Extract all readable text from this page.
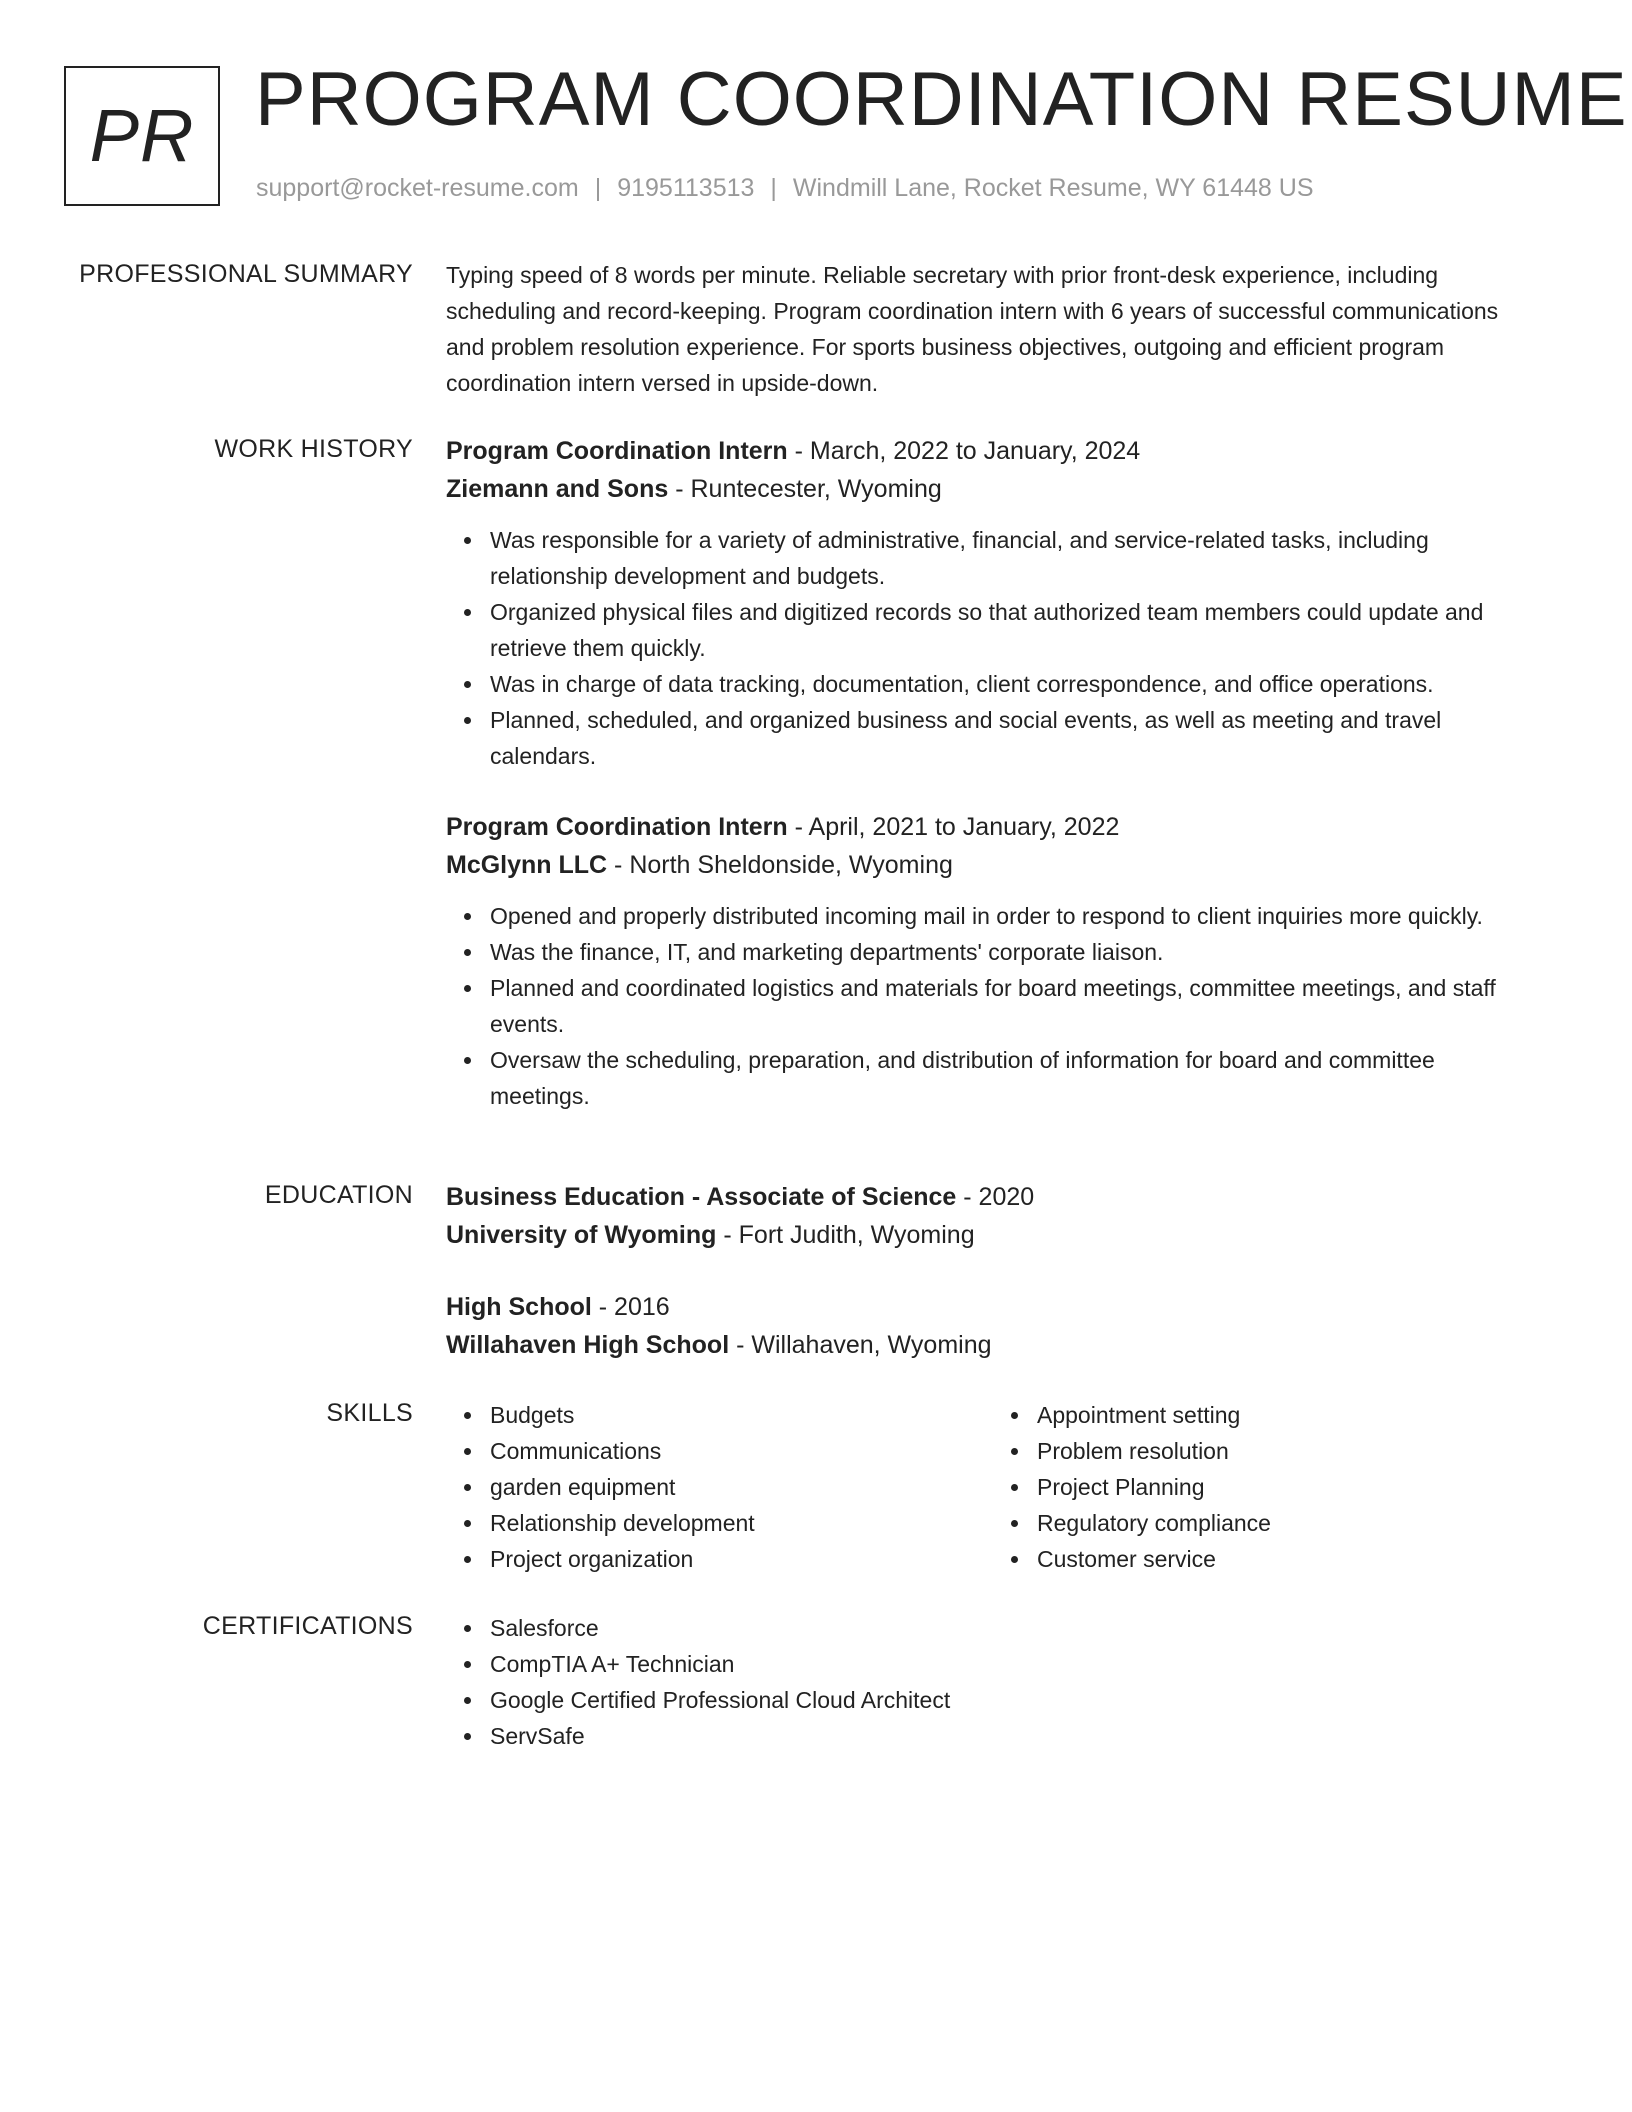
PR PROGRAM COORDINATION RESUME
support@rocket-resume.com | 9195113513 | Windmill Lane, Rocket Resume, WY 61448 US
PROFESSIONAL SUMMARY Typing speed of 8 words per minute. Reliable secretary with prior front-desk experience, including scheduling and record-keeping. Program coordination intern with 6 years of successful communications and problem resolution experience. For sports business objectives, outgoing and efficient program coordination intern versed in upside-down.

WORK HISTORY Program Coordination Intern - March, 2022 to January, 2024

Ziemann and Sons - Runtecester, Wyoming

Was responsible for a variety of administrative, financial, and service-related tasks, including relationship development and budgets.
Organized physical files and digitized records so that authorized team members could update and retrieve them quickly.
Was in charge of data tracking, documentation, client correspondence, and office operations.
Planned, scheduled, and organized business and social events, as well as meeting and travel calendars.

Program Coordination Intern - April, 2021 to January, 2022

McGlynn LLC - North Sheldonside, Wyoming

Opened and properly distributed incoming mail in order to respond to client inquiries more quickly.
Was the finance, IT, and marketing departments' corporate liaison.
Planned and coordinated logistics and materials for board meetings, committee meetings, and staff events.
Oversaw the scheduling, preparation, and distribution of information for board and committee meetings.
EDUCATION Business Education - Associate of Science - 2020

University of Wyoming - Fort Judith, Wyoming

High School - 2016

Willahaven High School - Willahaven, Wyoming

SKILLS	Budgets
Communications
garden equipment
Relationship development
Project organization
Appointment setting
Problem resolution
Project Planning
Regulatory compliance
Customer service
CERTIFICATIONS	Salesforce
CompTIA A+ Technician
Google Certified Professional Cloud Architect
ServSafe
